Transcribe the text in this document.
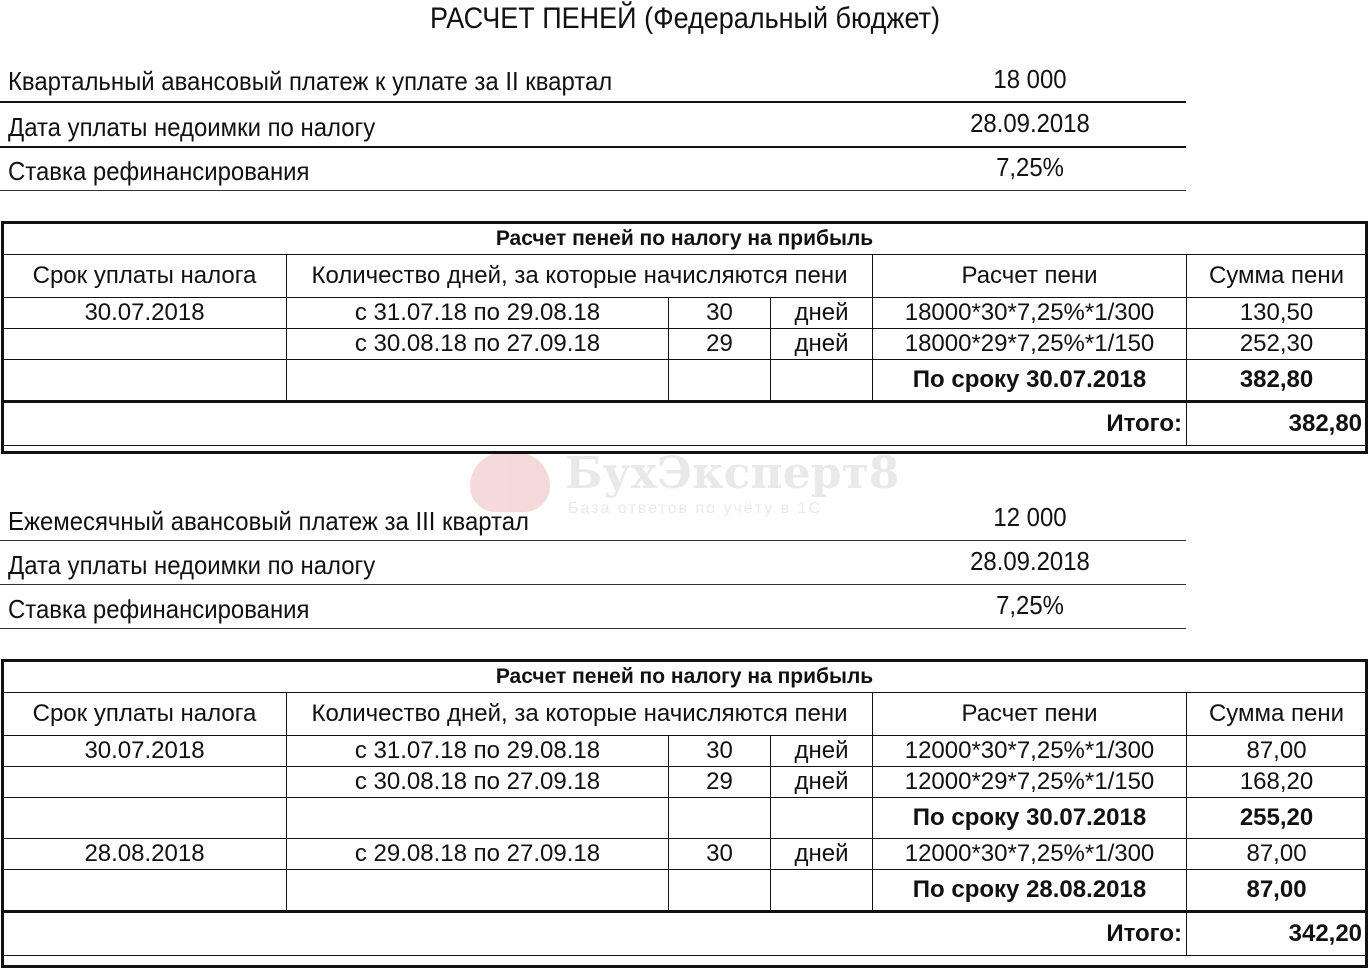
РАСЧЕТ ПЕНЕЙ (Федеральный бюджет)
БухЭксперт8
База ответов по учёту в 1С
Квартальный авансовый платеж к уплате за II квартал	18 000
Дата уплаты недоимки по налогу	28.09.2018
Ставка рефинансирования	7,25%
Расчет пеней по налогу на прибыль					
Срок уплаты налога	Количество дней, за которые начисляются пени			Расчет пени	Сумма пени
30.07.2018	с 31.07.18 по 29.08.18	30	дней	18000*30*7,25%*1/300	130,50
	с 30.08.18 по 27.09.18	29	дней	18000*29*7,25%*1/150	252,30
				По сроку 30.07.2018	382,80
Итого:					382,80
Ежемесячный авансовый платеж за III квартал	12 000
Дата уплаты недоимки по налогу	28.09.2018
Ставка рефинансирования	7,25%
Расчет пеней по налогу на прибыль					
Срок уплаты налога	Количество дней, за которые начисляются пени			Расчет пени	Сумма пени
30.07.2018	с 31.07.18 по 29.08.18	30	дней	12000*30*7,25%*1/300	87,00
	с 30.08.18 по 27.09.18	29	дней	12000*29*7,25%*1/150	168,20
				По сроку 30.07.2018	255,20
28.08.2018	с 29.08.18 по 27.09.18	30	дней	12000*30*7,25%*1/300	87,00
				По сроку 28.08.2018	87,00
Итого:					342,20
